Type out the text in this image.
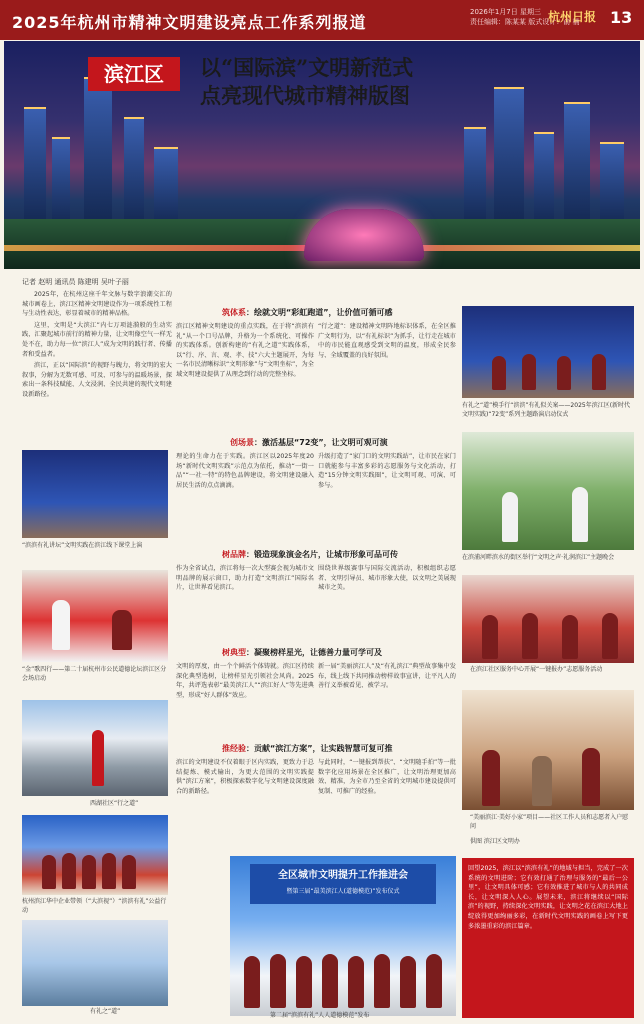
2025年杭州市精神文明建设亮点工作系列报道
2026年1月7日 星期三
责任编辑：陈某某 版式设计：俞 楠
杭州日报 13
滨江区	以“国际滨”文明新范式
点亮现代城市精神版图
记者 赵明 通讯员 陈建明 吴叶子丽

2025年，在杭州这座千年文脉与数字浪潮交汇的城市画卷上，滨江区精神文明建设作为一项系统性工程与生动性表达，彰显着城市的精神品格。

这里，文明是“大滨江”内七万项涟漪般的生动实践，汇聚起城市前行的精神力量，让文明像空气一样无处不在，助力每一位“滨江人”成为文明的践行者、传播者和受益者。

滨江，正以“国际滨”的视野与魄力，将文明的宏大叙事，分解为无数可感、可及、可参与的温暖场景，探索出一条科技赋能、人文浸润、全民共建的现代文明建设新路径。

“滨滨有礼讲坛”文明实践在滨江线下课堂上演
“金”歌四行——第二十届杭州市公民道德论坛滨江区分会场启动
西湖社区“行之道”
杭州滨江华中企业带领（“大滨视”）“滨滨有礼”公益行动
有礼之“道”
筑体系：绘就文明“彩虹跑道”，让价值可循可感
滨江区精神文明建设的重点实践，在于将“滨滨有礼”从一个口号品牌，升格为一个系统化、可操作的实践体系。创新构建的“有礼之道”实践体系，以“行、序、言、观、孝、技”六大主题展开，为每一名市民清晰标识“文明形象”与“文明坐标”，为全域文明建设提供了从理念到行动的完整坐标。
“行之道”：建设精神文明阵地标识体系，在全区推广文明行为，以“有礼标识”为抓手，让行走在城市中的市民能直观感受到文明的温度，形成全民参与、全域覆盖的良好氛围。
创场景：激活基层“72变”，让文明可观可演
理论的生命力在于实践。滨江区以2025年度20场“新时代文明实践”示范点为依托，推动“一街一品”“一社一特”的特色品牌建设，将文明建设融入居民生活的点点滴滴。
升级打造了“家门口的文明实践站”，让市民在家门口就能参与丰富多彩的志愿服务与文化活动，打造“15分钟文明实践圈”，让文明可观、可演、可参与。
树品牌：锻造现象演金名片，让城市形象可品可传
作为全省试点，滨江将每一次大型赛会视为城市文明品牌的展示窗口，助力打造“文明滨江”国际名片，让世界看见滨江。
围绕世界级赛事与国际交流活动，积极组织志愿者、文明引导员、城市形象大使，以文明之美展现城市之美。
树典型：凝聚榜样星光，让德善力量可学可及
文明的厚度，由一个个鲜活个体铸就。滨江区持续深化典型选树，让榜样星光引领社会风尚。2025年，共评选表彰“最美滨江人”“滨江好人”等先进典型，形成“好人群体”效应。
新一届“美丽滨江人”及“有礼滨江”典型故事集中发布，线上线下共同推动榜样故事宣讲，让平凡人的善行义举被看见、被学习。
推经验：贡献“滨江方案”，让实践智慧可复可推
滨江的文明建设不仅着眼于区内实践，更致力于总结提炼、模式输出，为更大范围的文明实践提供“滨江方案”，积极探索数字化与文明建设深度融合的新路径。
与此同时，“一键报到帮扶”、“文明随手拍”等一批数字化应用场景在全区推广，让文明治理更加高效、精准，为全市乃至全省的文明城市建设提供可复制、可推广的经验。
有礼之“道”模手行“滨滨”有礼似关案——2025年滨江区(新时代文明实践)“72变”系列主题路演启动仪式
在滨浦河畔滨水的街区举行“文明之声·礼润滨江”主题晚会
在滨江社区服务中心开展“一键报办”志愿服务活动
“美丽滨江·美好小家”项目——社区工作人员和志愿者入户慰问
供图 滨江区文明办
全区城市文明提升工作推进会
暨第三届“最美滨江人(道德模范)”发布仪式
第二届“滨滨有礼”人人道德模范”发布
回望2025，滨江以“滨滨有礼”的地域与担当，完成了一次系统的文明进阶；它有效打通了治理与服务的“最后一公里”，让文明具体可感；它有效推进了城市与人的共同成长，让文明深入人心。展望未来，滨江将继续以“国际滨”的视野，持续深化文明实践，让文明之花在滨江大地上绽放得更加绚丽多彩，在新时代文明实践的画卷上写下更多浓墨重彩的滨江篇章。
